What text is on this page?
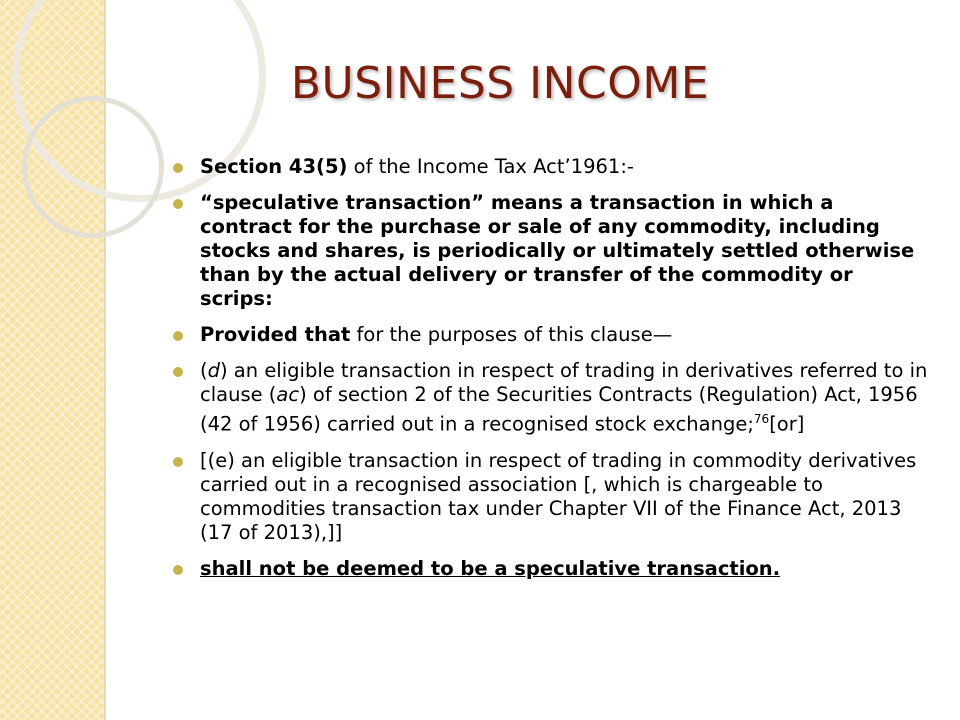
BUSINESS INCOME
Section 43(5) of the Income Tax Act’1961:-
“speculative transaction” means a transaction in which a contract for the purchase or sale of any commodity, including stocks and shares, is periodically or ultimately settled otherwise than by the actual delivery or transfer of the commodity or scrips:
Provided that for the purposes of this clause—
(d) an eligible transaction in respect of trading in derivatives referred to in clause (ac) of section 2 of the Securities Contracts (Regulation) Act, 1956 (42 of 1956) carried out in a recognised stock exchange;$^{76}$[or]
[(e) an eligible transaction in respect of trading in commodity derivatives carried out in a recognised association [, which is chargeable to commodities transaction tax under Chapter VII of the Finance Act, 2013 (17 of 2013),]]
shall not be deemed to be a speculative transaction.
